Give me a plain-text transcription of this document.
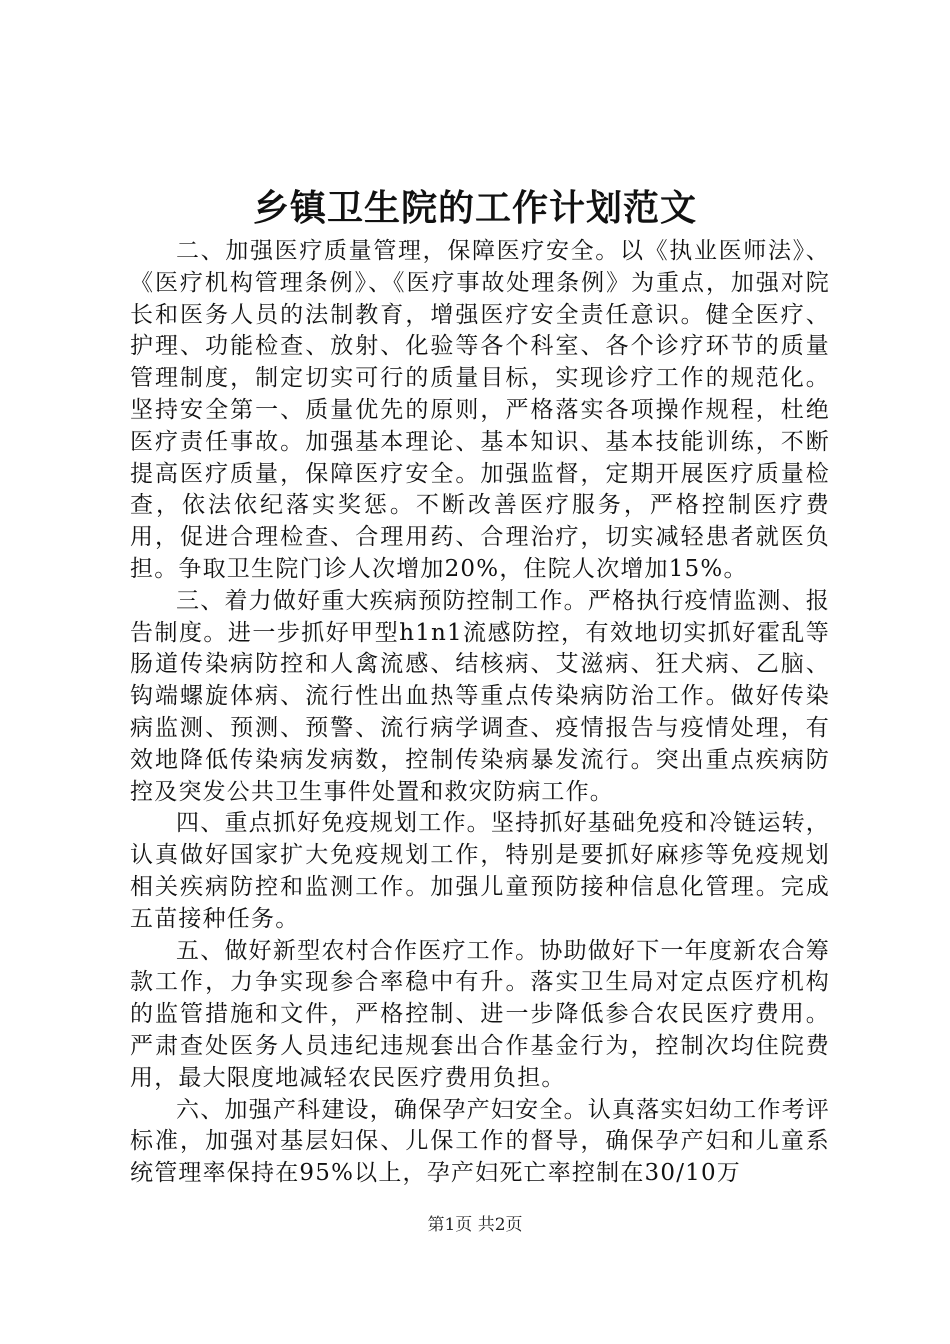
乡镇卫生院的工作计划范文

二、加强医疗质量管理，保障医疗安全。以《执业医师法》、《医疗机构管理条例》、《医疗事故处理条例》为重点，加强对院长和医务人员的法制教育，增强医疗安全责任意识。健全医疗、护理、功能检查、放射、化验等各个科室、各个诊疗环节的质量管理制度，制定切实可行的质量目标，实现诊疗工作的规范化。坚持安全第一、质量优先的原则，严格落实各项操作规程，杜绝医疗责任事故。加强基本理论、基本知识、基本技能训练，不断提高医疗质量，保障医疗安全。加强监督，定期开展医疗质量检查，依法依纪落实奖惩。不断改善医疗服务，严格控制医疗费用，促进合理检查、合理用药、合理治疗，切实减轻患者就医负担。争取卫生院门诊人次增加20%，住院人次增加15%。

三、着力做好重大疾病预防控制工作。严格执行疫情监测、报告制度。进一步抓好甲型h1n1流感防控，有效地切实抓好霍乱等肠道传染病防控和人禽流感、结核病、艾滋病、狂犬病、乙脑、钩端螺旋体病、流行性出血热等重点传染病防治工作。做好传染病监测、预测、预警、流行病学调查、疫情报告与疫情处理，有效地降低传染病发病数，控制传染病暴发流行。突出重点疾病防控及突发公共卫生事件处置和救灾防病工作。

四、重点抓好免疫规划工作。坚持抓好基础免疫和冷链运转，认真做好国家扩大免疫规划工作，特别是要抓好麻疹等免疫规划相关疾病防控和监测工作。加强儿童预防接种信息化管理。完成五苗接种任务。

五、做好新型农村合作医疗工作。协助做好下一年度新农合筹款工作，力争实现参合率稳中有升。落实卫生局对定点医疗机构的监管措施和文件，严格控制、进一步降低参合农民医疗费用。严肃查处医务人员违纪违规套出合作基金行为，控制次均住院费用，最大限度地减轻农民医疗费用负担。

六、加强产科建设，确保孕产妇安全。认真落实妇幼工作考评标准，加强对基层妇保、儿保工作的督导，确保孕产妇和儿童系统管理率保持在95%以上，孕产妇死亡率控制在30/10万

第1页 共2页
